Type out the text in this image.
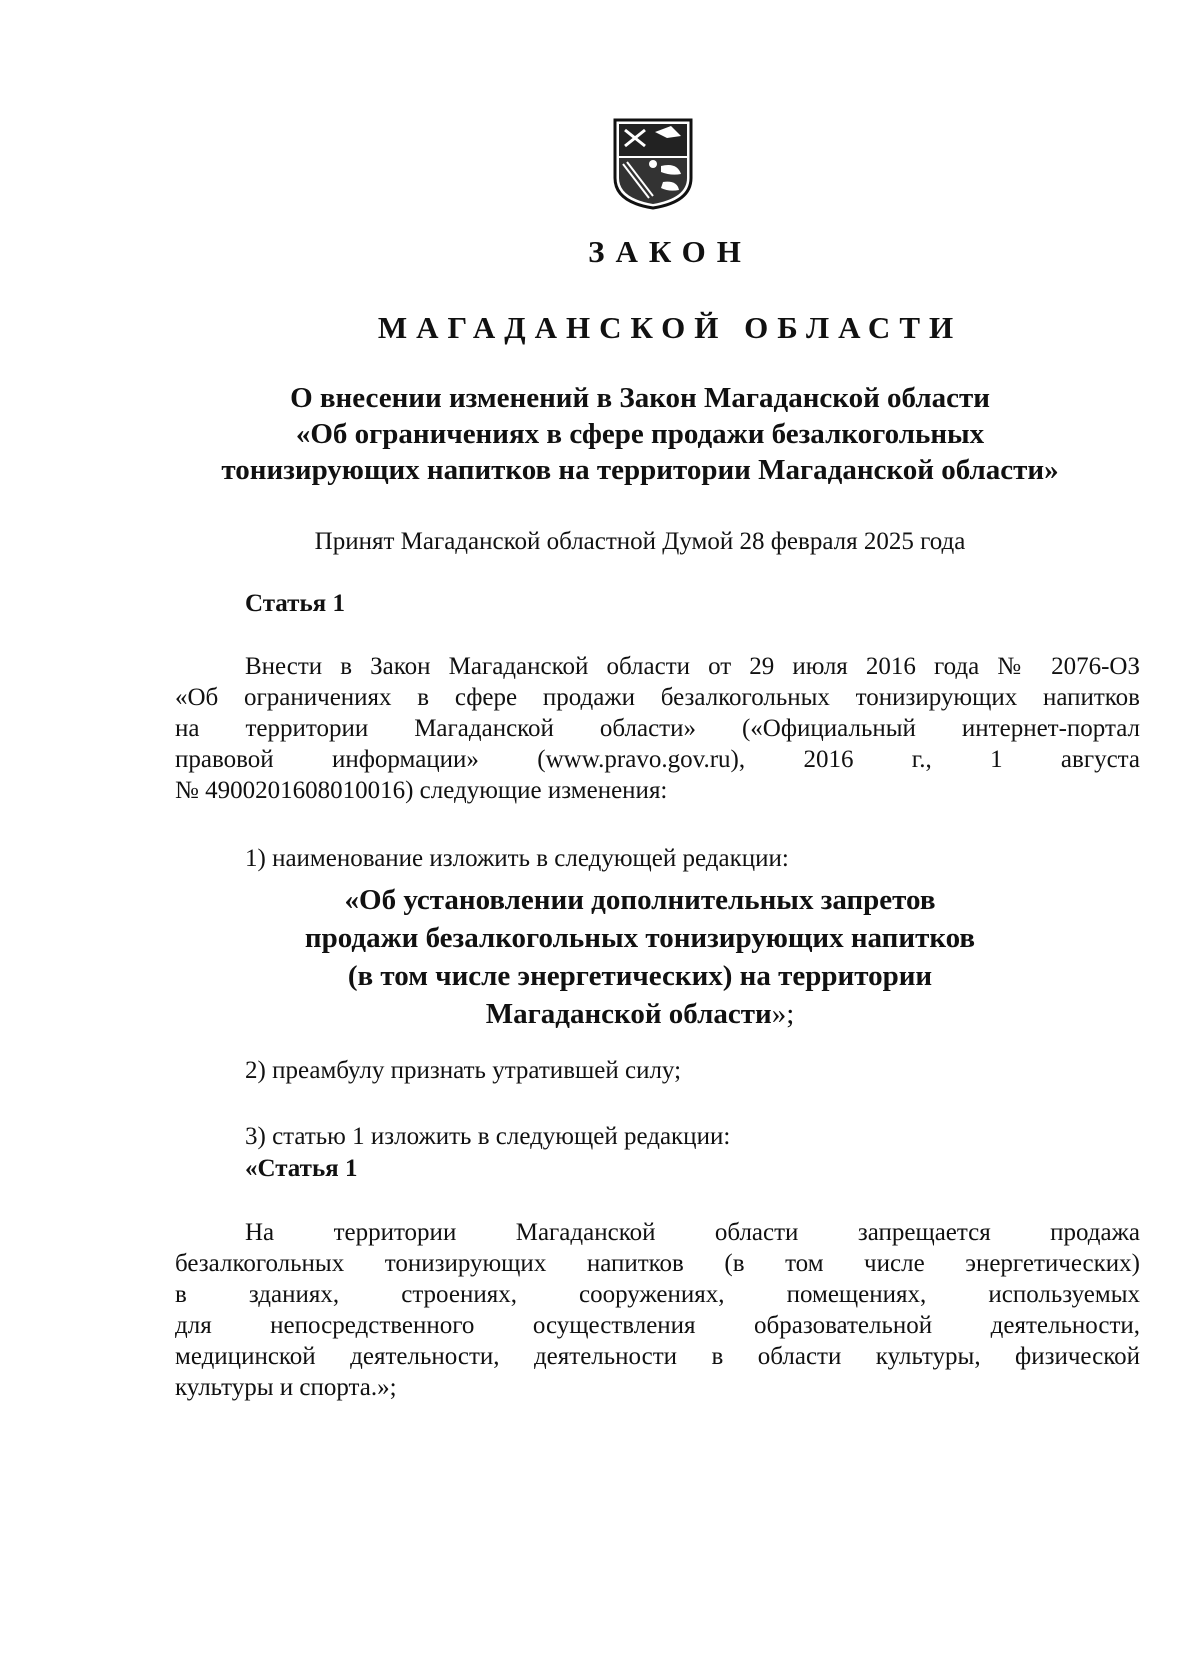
ЗАКОН
МАГАДАНСКОЙ ОБЛАСТИ
О внесении изменений в Закон Магаданской области
«Об ограничениях в сфере продажи безалкогольных
тонизирующих напитков на территории Магаданской области»
Принят Магаданской областной Думой 28 февраля 2025 года
Статья 1
Внести в Закон Магаданской области от 29 июля 2016 года № 2076-ОЗ
«Об ограничениях в сфере продажи безалкогольных тонизирующих напитков
на территории Магаданской области» («Официальный интернет-портал
правовой информации» (www.pravo.gov.ru), 2016 г., 1 августа
№ 4900201608010016) следующие изменения:
1) наименование изложить в следующей редакции:
«Об установлении дополнительных запретов
продажи безалкогольных тонизирующих напитков
(в том числе энергетических) на территории
Магаданской области»;
2) преамбулу признать утратившей силу;
3) статью 1 изложить в следующей редакции:
«Статья 1
На территории Магаданской области запрещается продажа
безалкогольных тонизирующих напитков (в том числе энергетических)
в зданиях, строениях, сооружениях, помещениях, используемых
для непосредственного осуществления образовательной деятельности,
медицинской деятельности, деятельности в области культуры, физической
культуры и спорта.»;
